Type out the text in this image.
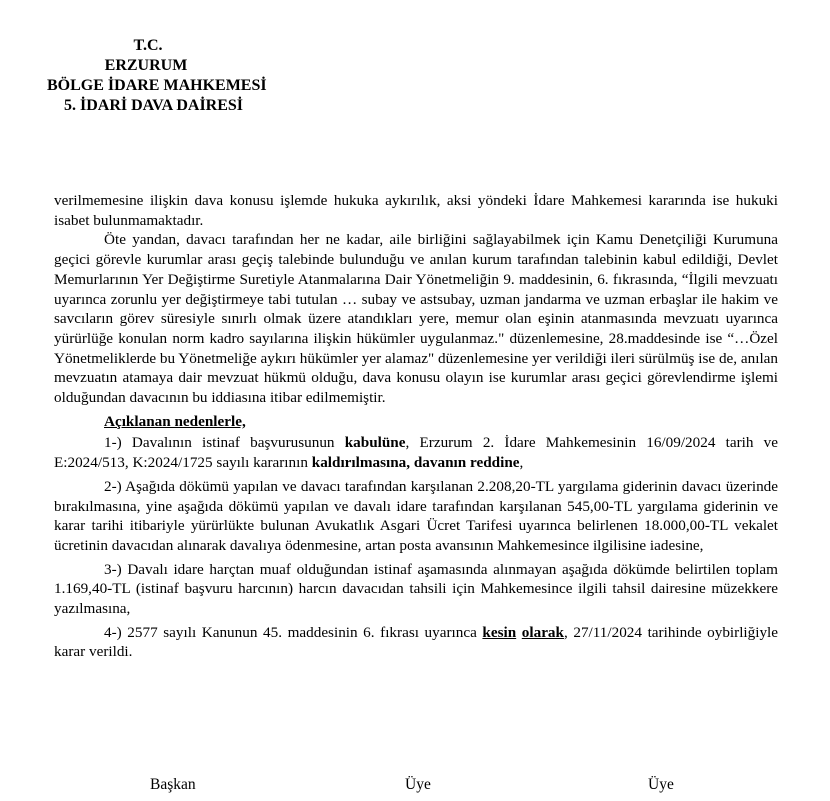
T.C.
ERZURUM
BÖLGE İDARE MAHKEMESİ
5. İDARİ DAVA DAİRESİ

verilmemesine ilişkin dava konusu işlemde hukuka aykırılık, aksi yöndeki İdare Mahkemesi kararında ise hukuki isabet bulunmamaktadır.

Öte yandan, davacı tarafından her ne kadar, aile birliğini sağlayabilmek için Kamu Denetçiliği Kurumuna geçici görevle kurumlar arası geçiş talebinde bulunduğu ve anılan kurum tarafından talebinin kabul edildiği, Devlet Memurlarının Yer Değiştirme Suretiyle Atanmalarına Dair Yönetmeliğin 9. maddesinin, 6. fıkrasında, “İlgili mevzuatı uyarınca zorunlu yer değiştirmeye tabi tutulan … subay ve astsubay, uzman jandarma ve uzman erbaşlar ile hakim ve savcıların görev süresiyle sınırlı olmak üzere atandıkları yere, memur olan eşinin atanmasında mevzuatı uyarınca yürürlüğe konulan norm kadro sayılarına ilişkin hükümler uygulanmaz." düzenlemesine, 28.maddesinde ise “…Özel Yönetmeliklerde bu Yönetmeliğe aykırı hükümler yer alamaz" düzenlemesine yer verildiği ileri sürülmüş ise de, anılan mevzuatın atamaya dair mevzuat hükmü olduğu, dava konusu olayın ise kurumlar arası geçici görevlendirme işlemi olduğundan davacının bu iddiasına itibar edilmemiştir.

Açıklanan nedenlerle,

1-) Davalının istinaf başvurusunun kabulüne, Erzurum 2. İdare Mahkemesinin 16/09/2024 tarih ve E:2024/513, K:2024/1725 sayılı kararının kaldırılmasına, davanın reddine,

2-) Aşağıda dökümü yapılan ve davacı tarafından karşılanan 2.208,20-TL yargılama giderinin davacı üzerinde bırakılmasına, yine aşağıda dökümü yapılan ve davalı idare tarafından karşılanan 545,00-TL yargılama giderinin ve karar tarihi itibariyle yürürlükte bulunan Avukatlık Asgari Ücret Tarifesi uyarınca belirlenen 18.000,00-TL vekalet ücretinin davacıdan alınarak davalıya ödenmesine, artan posta avansının Mahkemesince ilgilisine iadesine,

3-) Davalı idare harçtan muaf olduğundan istinaf aşamasında alınmayan aşağıda dökümde belirtilen toplam 1.169,40-TL (istinaf başvuru harcının) harcın davacıdan tahsili için Mahkemesince ilgili tahsil dairesine müzekkere yazılmasına,

4-) 2577 sayılı Kanunun 45. maddesinin 6. fıkrası uyarınca kesin olarak, 27/11/2024 tarihinde oybirliğiyle karar verildi.

Başkan	Üye	Üye
